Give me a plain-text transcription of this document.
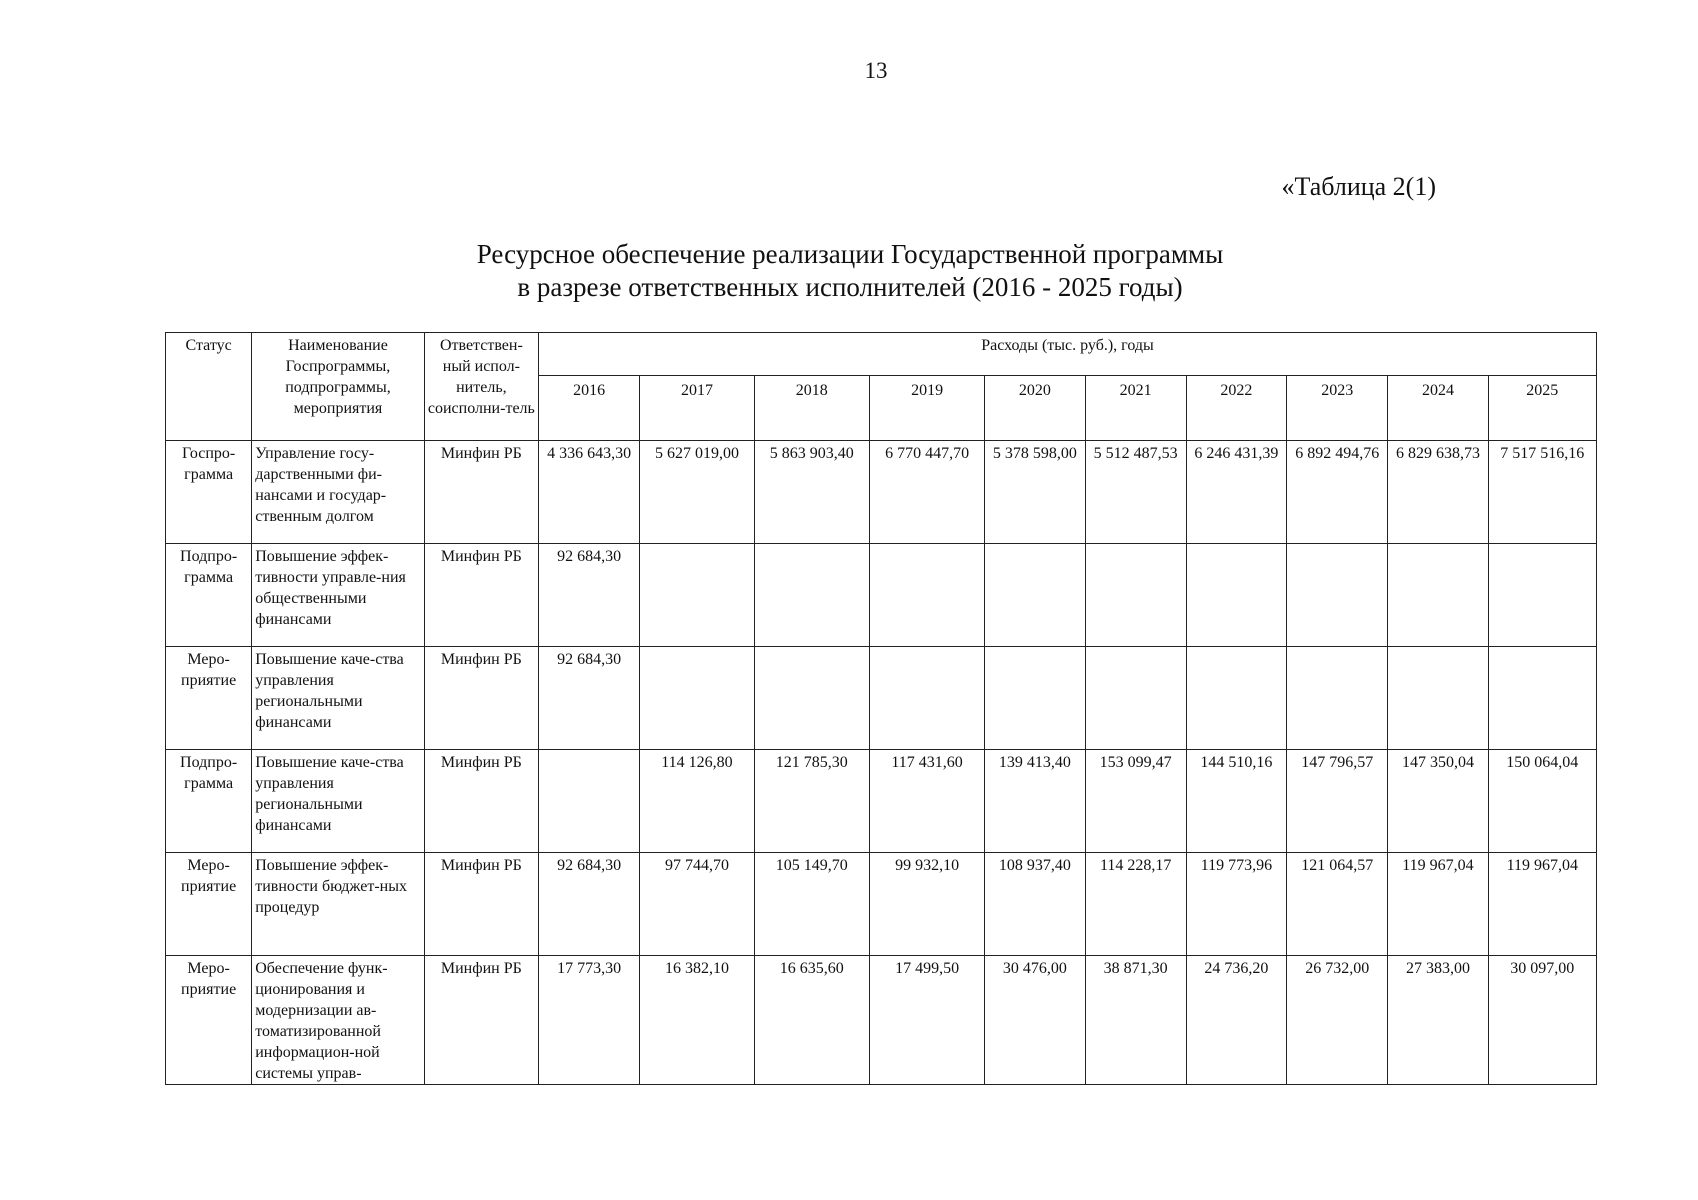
13
«Таблица 2(1)
Ресурсное обеспечение реализации Государственной программы
в разрезе ответственных исполнителей (2016 - 2025 годы)
Статус	Наименование Госпрограммы, подпрограммы, мероприятия	Ответствен-ный испол-нитель, соисполни-тель	Расходы (тыс. руб.), годы									
			2016	2017	2018	2019	2020	2021	2022	2023	2024	2025
Госпро-грамма	Управление госу-дарственными фи-нансами и государ-ственным долгом	Минфин РБ	4 336 643,30	5 627 019,00	5 863 903,40	6 770 447,70	5 378 598,00	5 512 487,53	6 246 431,39	6 892 494,76	6 829 638,73	7 517 516,16
Подпро-грамма	Повышение эффек-тивности управле-ния общественными финансами	Минфин РБ	92 684,30									
Меро-приятие	Повышение каче-ства управления региональными финансами	Минфин РБ	92 684,30									
Подпро-грамма	Повышение каче-ства управления региональными финансами	Минфин РБ		114 126,80	121 785,30	117 431,60	139 413,40	153 099,47	144 510,16	147 796,57	147 350,04	150 064,04
Меро-приятие	Повышение эффек-тивности бюджет-ных процедур	Минфин РБ	92 684,30	97 744,70	105 149,70	99 932,10	108 937,40	114 228,17	119 773,96	121 064,57	119 967,04	119 967,04
Меро-приятие	Обеспечение функ-ционирования и модернизации ав-томатизированной информацион-ной системы управ-	Минфин РБ	17 773,30	16 382,10	16 635,60	17 499,50	30 476,00	38 871,30	24 736,20	26 732,00	27 383,00	30 097,00
